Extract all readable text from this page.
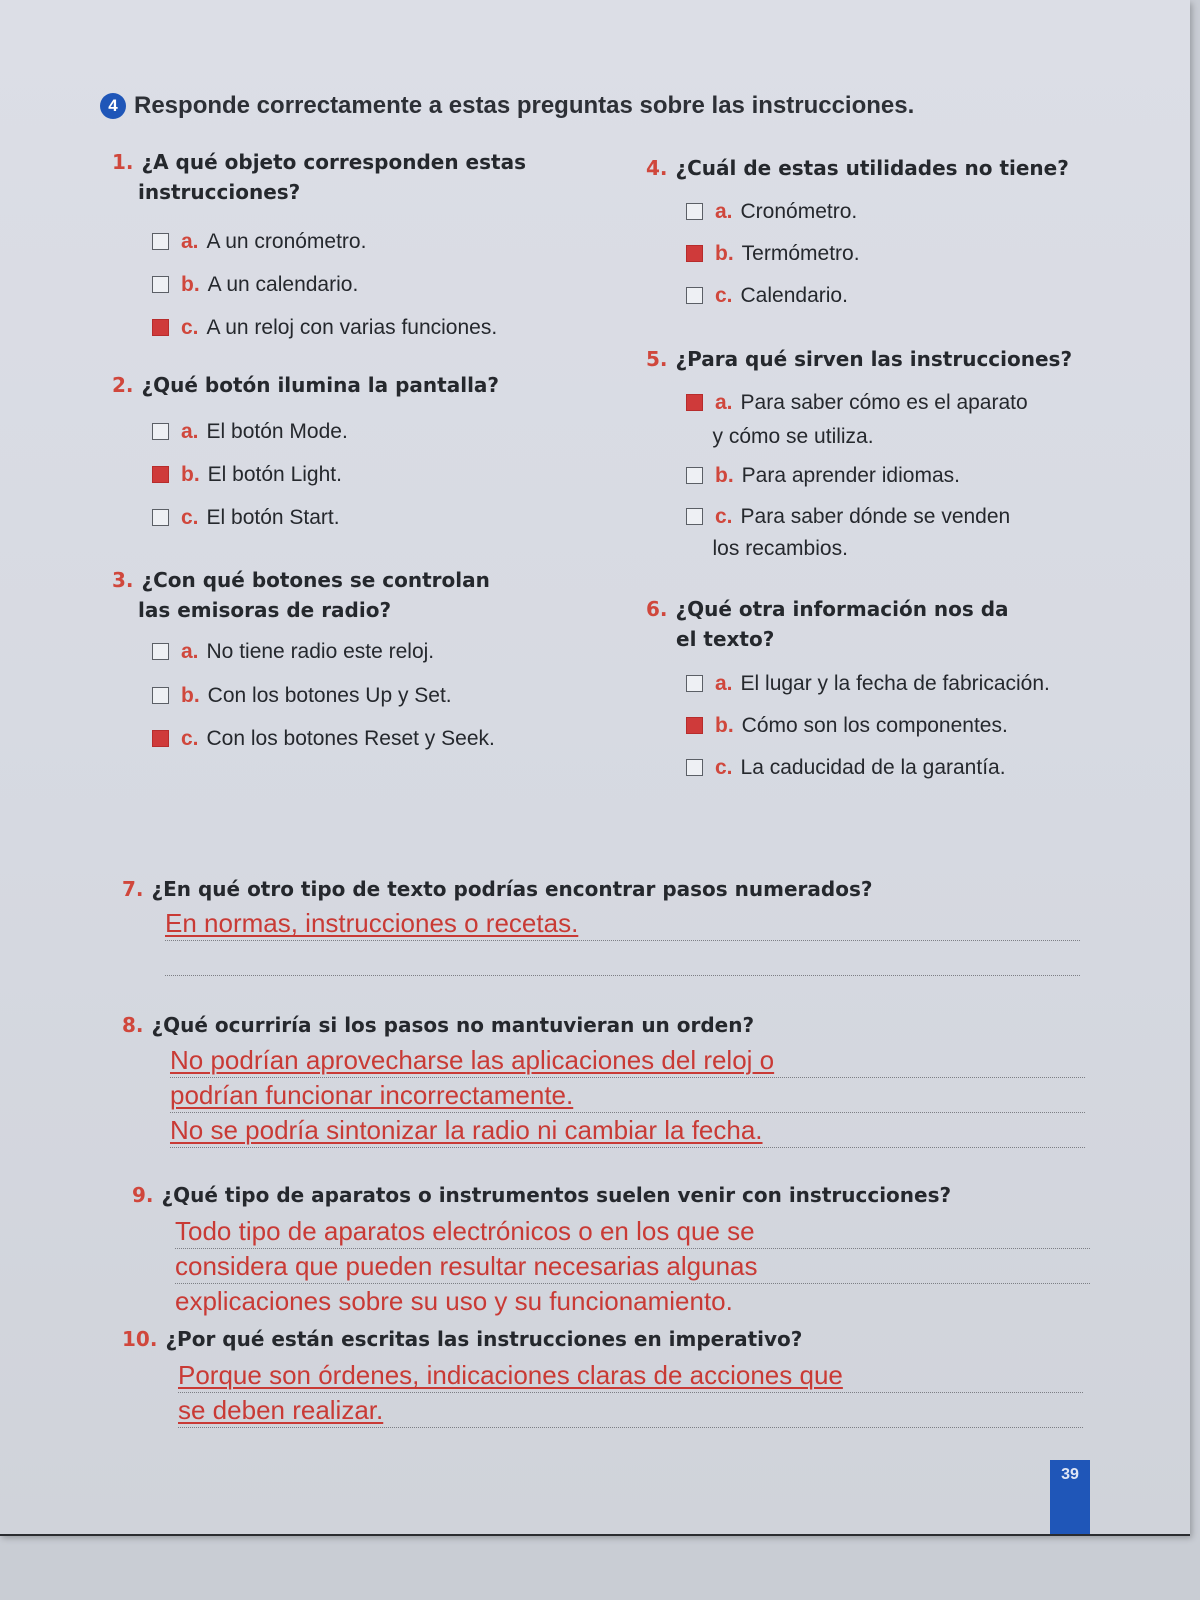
4 Responde correctamente a estas preguntas sobre las instrucciones.
1. ¿A qué objeto corresponden estas
instrucciones?
a. A un cronómetro.
b. A un calendario.
c. A un reloj con varias funciones.
2. ¿Qué botón ilumina la pantalla?
a. El botón Mode.
b. El botón Light.
c. El botón Start.
3. ¿Con qué botones se controlan
las emisoras de radio?
a. No tiene radio este reloj.
b. Con los botones Up y Set.
c. Con los botones Reset y Seek.
4. ¿Cuál de estas utilidades no tiene?
a. Cronómetro.
b. Termómetro.
c. Calendario.
5. ¿Para qué sirven las instrucciones?
a. Para saber cómo es el aparato
y cómo se utiliza.
b. Para aprender idiomas.
c. Para saber dónde se venden
los recambios.
6. ¿Qué otra información nos da
el texto?
a. El lugar y la fecha de fabricación.
b. Cómo son los componentes.
c. La caducidad de la garantía.
7. ¿En qué otro tipo de texto podrías encontrar pasos numerados?
En normas, instrucciones o recetas.
8. ¿Qué ocurriría si los pasos no mantuvieran un orden?
No podrían aprovecharse las aplicaciones del reloj o
podrían funcionar incorrectamente.
No se podría sintonizar la radio ni cambiar la fecha.
9. ¿Qué tipo de aparatos o instrumentos suelen venir con instrucciones?
Todo tipo de aparatos electrónicos o en los que se
considera que pueden resultar necesarias algunas
explicaciones sobre su uso y su funcionamiento.
10. ¿Por qué están escritas las instrucciones en imperativo?
Porque son órdenes, indicaciones claras de acciones que
se deben realizar.
39
